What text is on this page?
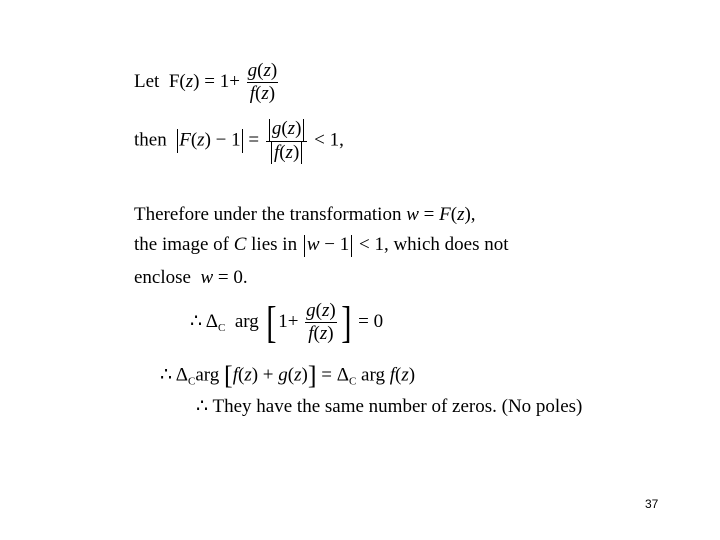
Let $F(z) = 1+ \frac{g(z)}{f(z)}$
then $F(z) - 1 = \frac{g(z)}{f(z)} < 1$,
Therefore under the transformation w = F(z),
the image of C lies in w − 1 < 1, which does not
enclose w = 0.
∴ $\Delta_C$ arg [ $1+ \frac{g(z)}{f(z)}$ ] = 0
∴ $\Delta_Carg$ $[f(z) + g(z)] = \Delta_C$ arg f(z)
∴ They have the same number of zeros. (No poles)
37
